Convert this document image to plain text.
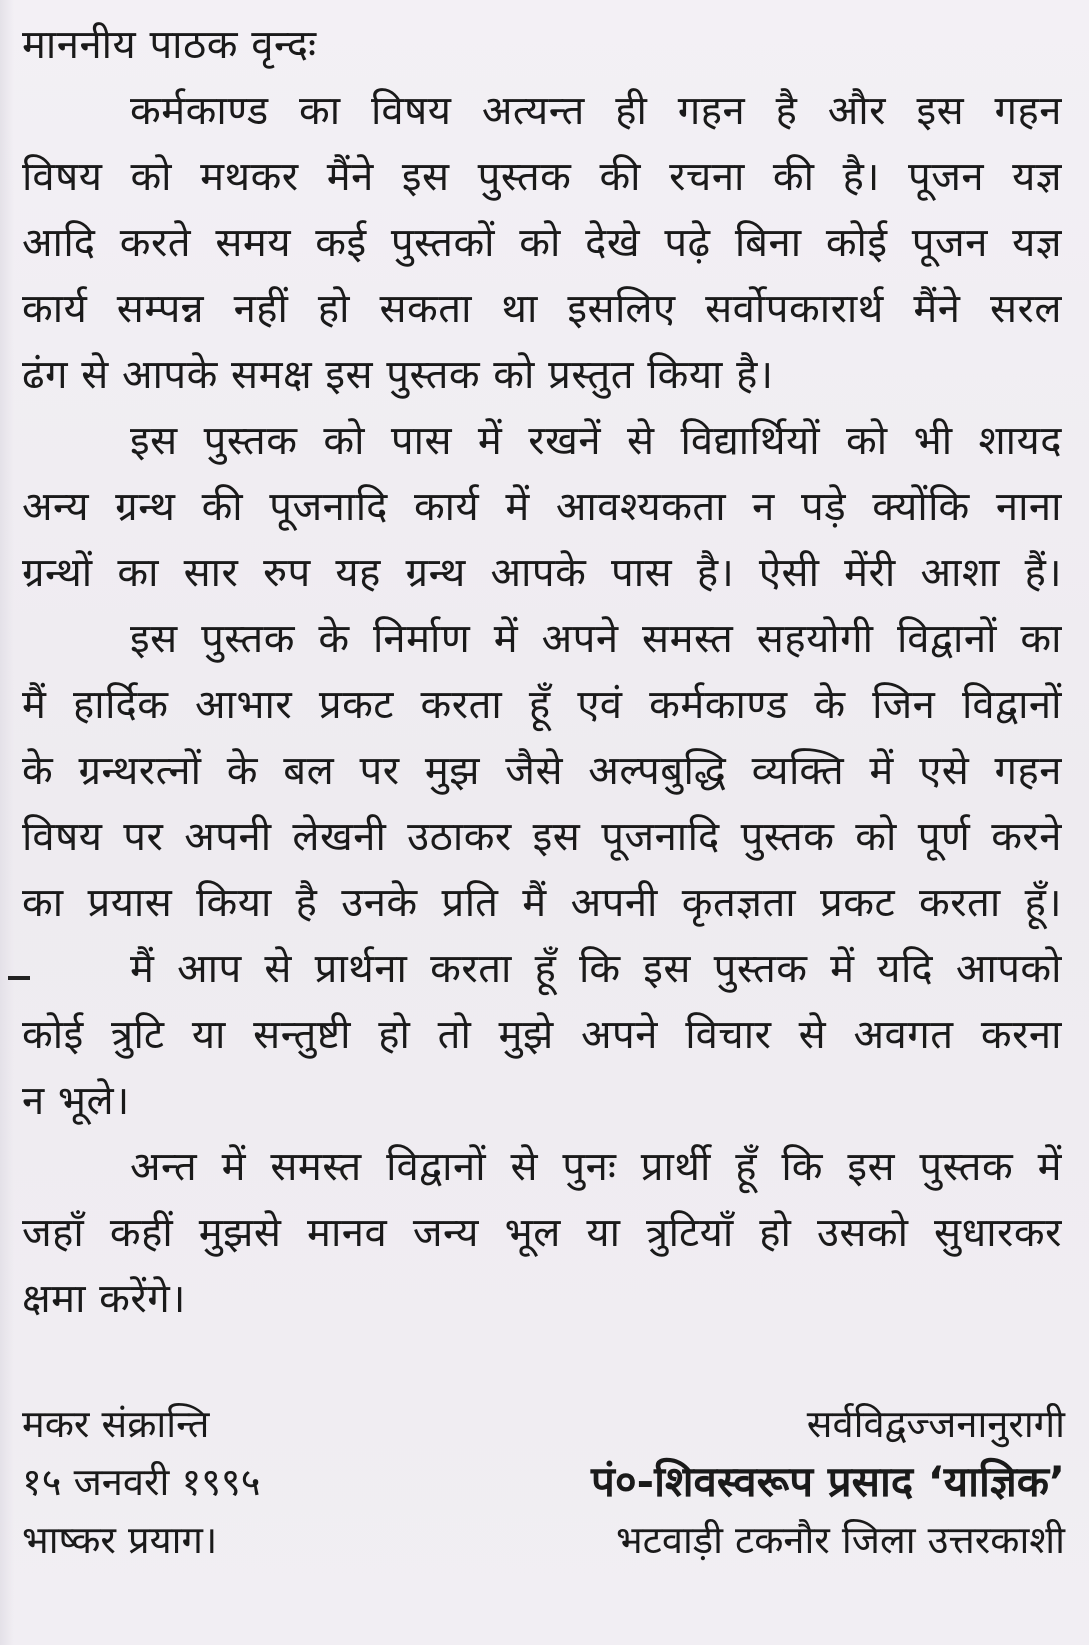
माननीय पाठक वृन्दः
कर्मकाण्ड का विषय अत्यन्त ही गहन है और इस गहन
विषय को मथकर मैंने इस पुस्तक की रचना की है। पूजन यज्ञ
आदि करते समय कई पुस्तकों को देखे पढ़े बिना कोई पूजन यज्ञ
कार्य सम्पन्न नहीं हो सकता था इसलिए सर्वोपकारार्थ मैंने सरल
ढंग से आपके समक्ष इस पुस्तक को प्रस्तुत किया है।
इस पुस्तक को पास में रखनें से विद्यार्थियों को भी शायद
अन्य ग्रन्थ की पूजनादि कार्य में आवश्यकता न पड़े क्योंकि नाना
ग्रन्थों का सार रुप यह ग्रन्थ आपके पास है। ऐसी मेंरी आशा हैं।
इस पुस्तक के निर्माण में अपने समस्त सहयोगी विद्वानों का
मैं हार्दिक आभार प्रकट करता हूँ एवं कर्मकाण्ड के जिन विद्वानों
के ग्रन्थरत्नों के बल पर मुझ जैसे अल्पबुद्धि व्यक्ति में एसे गहन
विषय पर अपनी लेखनी उठाकर इस पूजनादि पुस्तक को पूर्ण करने
का प्रयास किया है उनके प्रति मैं अपनी कृतज्ञता प्रकट करता हूँ।
मैं आप से प्रार्थना करता हूँ कि इस पुस्तक में यदि आपको
कोई त्रुटि या सन्तुष्टी हो तो मुझे अपने विचार से अवगत करना
न भूले।
अन्त में समस्त विद्वानों से पुनः प्रार्थी हूँ कि इस पुस्तक में
जहाँ कहीं मुझसे मानव जन्य भूल या त्रुटियाँ हो उसको सुधारकर
क्षमा करेंगे।
मकर संक्रान्ति
१५ जनवरी १९९५
भाष्कर प्रयाग।
सर्वविद्वज्जनानुरागी
पं०-शिवस्वरूप प्रसाद ‘याज्ञिक’
भटवाड़ी टकनौर जिला उत्तरकाशी
